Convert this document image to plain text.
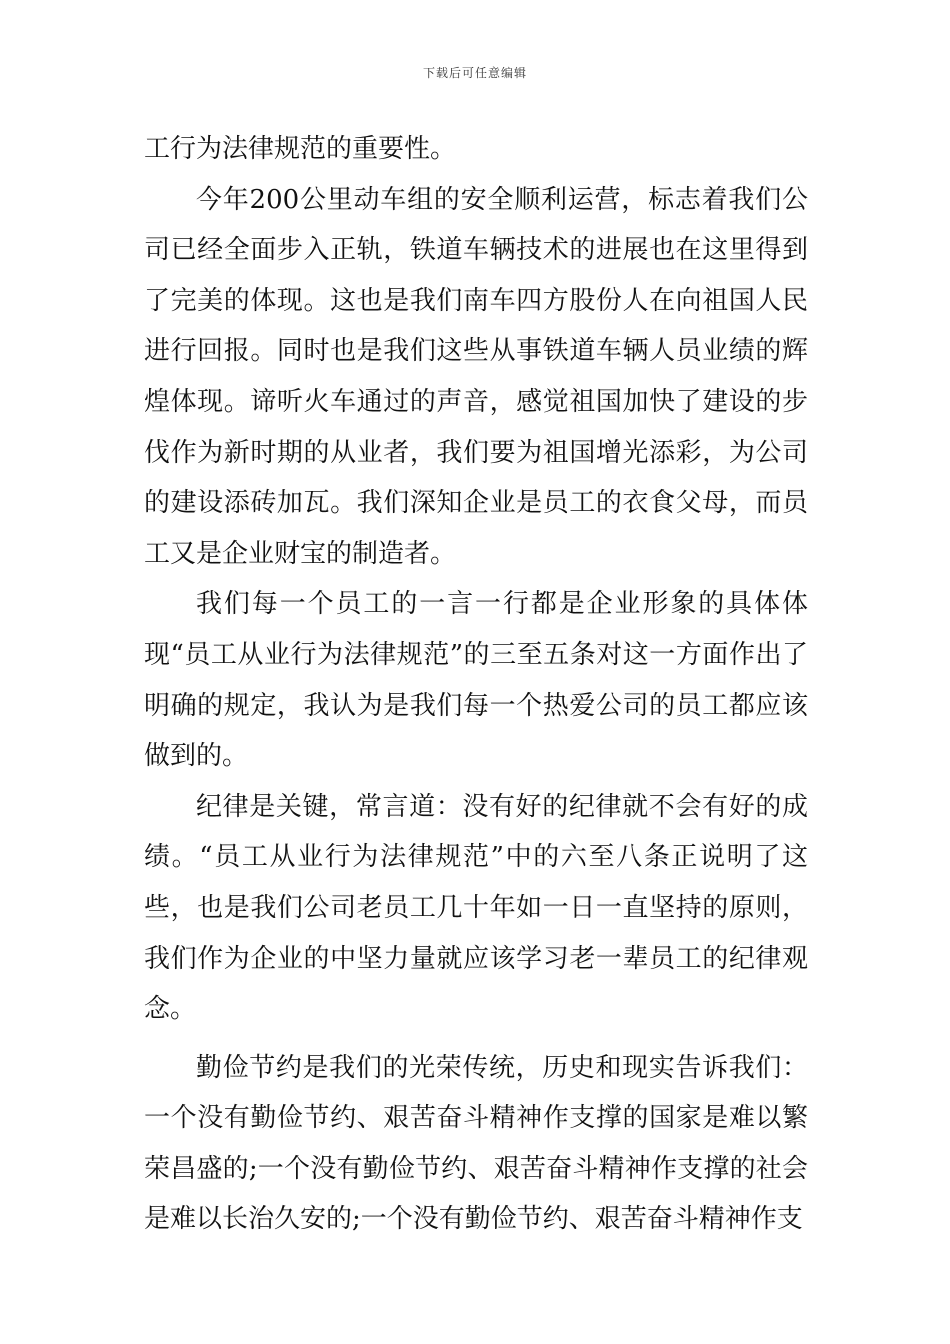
下载后可任意编辑

工行为法律规范的重要性。

今年200公里动车组的安全顺利运营，标志着我们公司已经全面步入正轨，铁道车辆技术的进展也在这里得到了完美的体现。这也是我们南车四方股份人在向祖国人民进行回报。同时也是我们这些从事铁道车辆人员业绩的辉煌体现。谛听火车通过的声音，感觉祖国加快了建设的步伐作为新时期的从业者，我们要为祖国增光添彩，为公司的建设添砖加瓦。我们深知企业是员工的衣食父母，而员工又是企业财宝的制造者。

我们每一个员工的一言一行都是企业形象的具体体现“员工从业行为法律规范”的三至五条对这一方面作出了明确的规定，我认为是我们每一个热爱公司的员工都应该做到的。

纪律是关键，常言道：没有好的纪律就不会有好的成绩。“员工从业行为法律规范”中的六至八条正说明了这些，也是我们公司老员工几十年如一日一直坚持的原则，我们作为企业的中坚力量就应该学习老一辈员工的纪律观念。

勤俭节约是我们的光荣传统，历史和现实告诉我们：一个没有勤俭节约、艰苦奋斗精神作支撑的国家是难以繁荣昌盛的;一个没有勤俭节约、艰苦奋斗精神作支撑的社会是难以长治久安的;一个没有勤俭节约、艰苦奋斗精神作支
